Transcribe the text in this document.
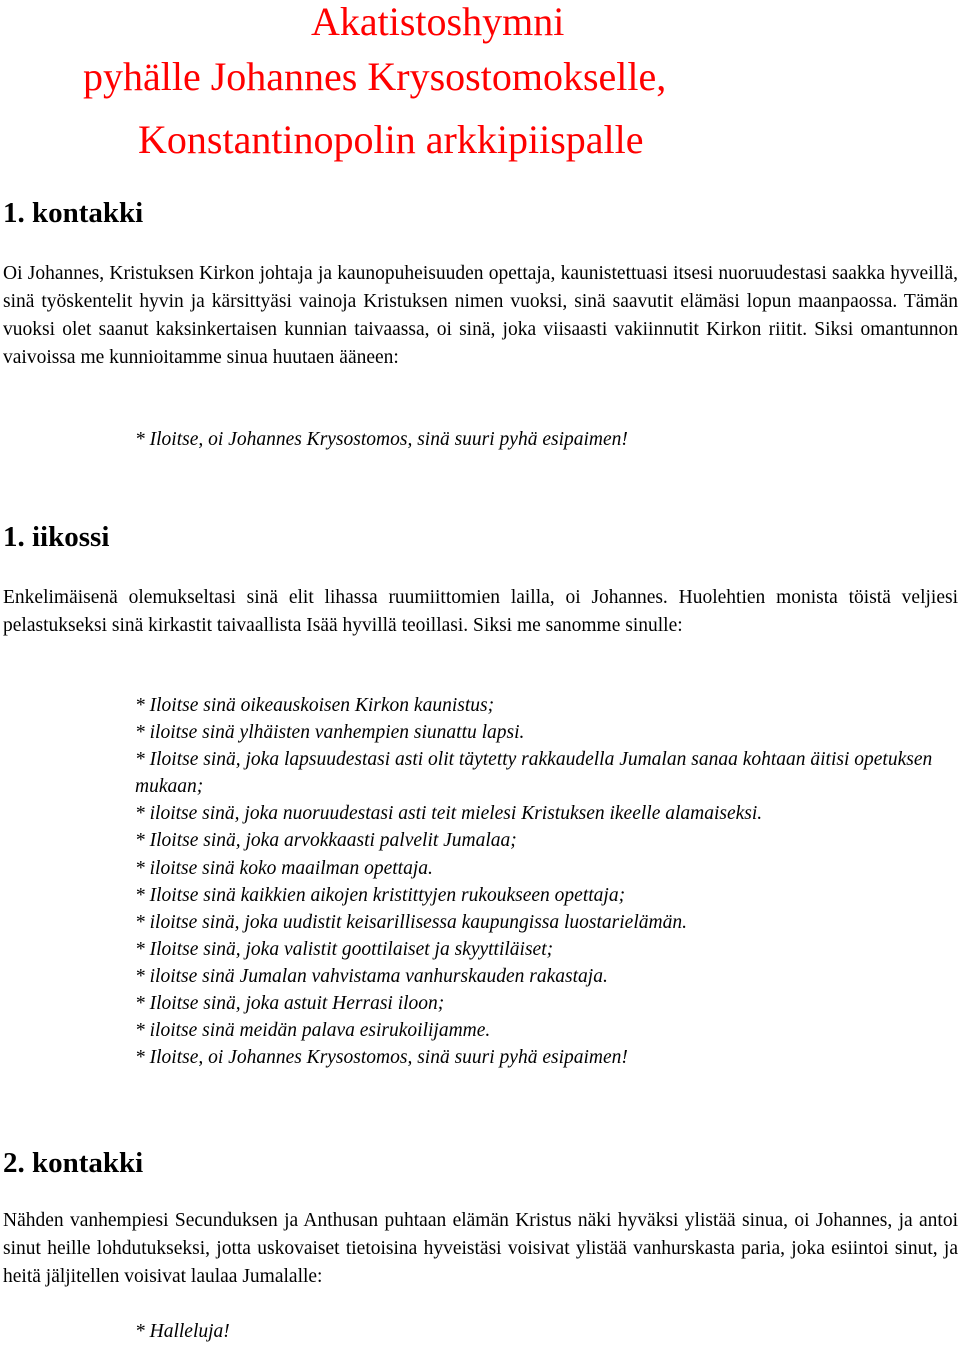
Akatistoshymni
pyhälle Johannes Krysostomokselle,
Konstantinopolin arkkipiispalle
1. kontakki
Oi Johannes, Kristuksen Kirkon johtaja ja kaunopuheisuuden opettaja, kaunistettuasi itsesi nuoruudestasi saakka hyveillä, sinä työskentelit hyvin ja kärsittyäsi vainoja Kristuksen nimen vuoksi, sinä saavutit elämäsi lopun maanpaossa. Tämän vuoksi olet saanut kaksinkertaisen kunnian taivaassa, oi sinä, joka viisaasti vakiinnutit Kirkon riitit. Siksi omantunnon vaivoissa me kunnioitamme sinua huutaen ääneen:
* Iloitse, oi Johannes Krysostomos, sinä suuri pyhä esipaimen!
1. iikossi
Enkelimäisenä olemukseltasi sinä elit lihassa ruumiittomien lailla, oi Johannes. Huolehtien monista töistä veljiesi pelastukseksi sinä kirkastit taivaallista Isää hyvillä teoillasi. Siksi me sanomme sinulle:
* Iloitse sinä oikeauskoisen Kirkon kaunistus;
* iloitse sinä ylhäisten vanhempien siunattu lapsi.
* Iloitse sinä, joka lapsuudestasi asti olit täytetty rakkaudella Jumalan sanaa kohtaan äitisi opetuksen mukaan;
* iloitse sinä, joka nuoruudestasi asti teit mielesi Kristuksen ikeelle alamaiseksi.
* Iloitse sinä, joka arvokkaasti palvelit Jumalaa;
* iloitse sinä koko maailman opettaja.
* Iloitse sinä kaikkien aikojen kristittyjen rukoukseen opettaja;
* iloitse sinä, joka uudistit keisarillisessa kaupungissa luostarielämän.
* Iloitse sinä, joka valistit goottilaiset ja skyyttiläiset;
* iloitse sinä Jumalan vahvistama vanhurskauden rakastaja.
* Iloitse sinä, joka astuit Herrasi iloon;
* iloitse sinä meidän palava esirukoilijamme.
* Iloitse, oi Johannes Krysostomos, sinä suuri pyhä esipaimen!
2. kontakki
Nähden vanhempiesi Secunduksen ja Anthusan puhtaan elämän Kristus näki hyväksi ylistää sinua, oi Johannes, ja antoi sinut heille lohdutukseksi, jotta uskovaiset tietoisina hyveistäsi voisivat ylistää vanhurskasta paria, joka esiintoi sinut, ja heitä jäljitellen voisivat laulaa Jumalalle:
* Halleluja!
